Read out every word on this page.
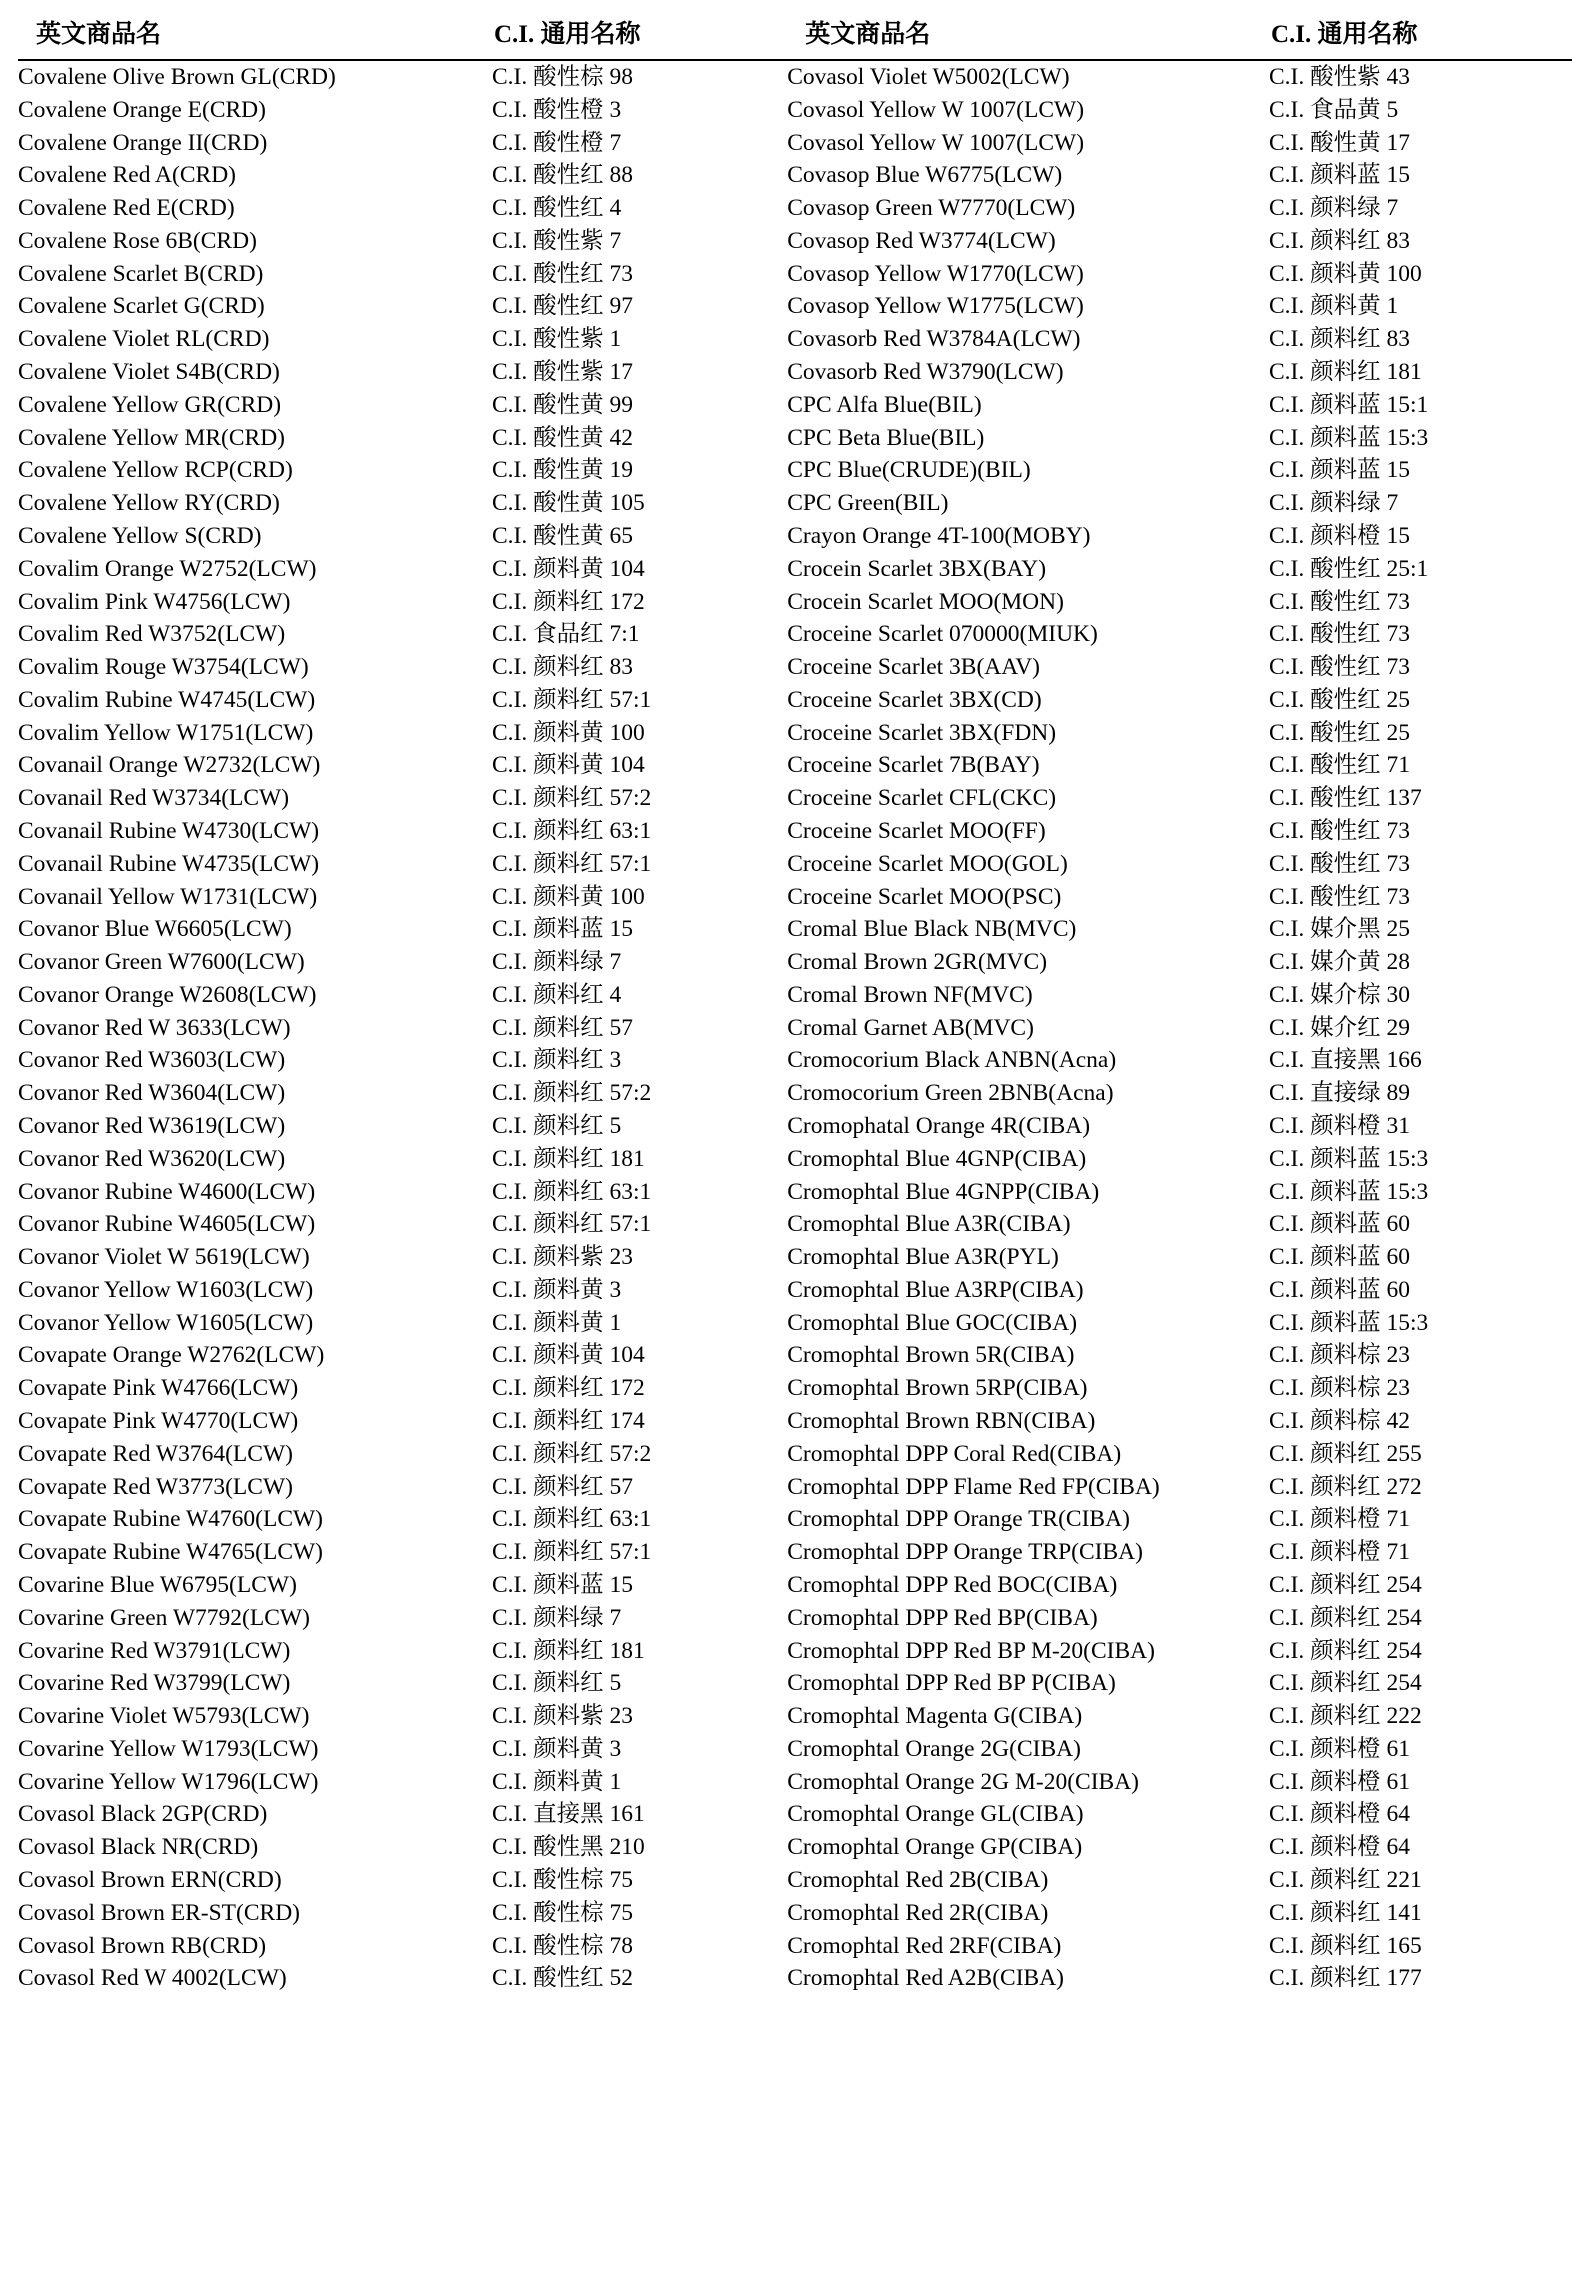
英文商品名	C.I. 通用名称	英文商品名	C.I. 通用名称
Covalene Olive Brown GL(CRD)	C.I. 酸性棕 98	Covasol Violet W5002(LCW)	C.I. 酸性紫 43
Covalene Orange E(CRD)	C.I. 酸性橙 3	Covasol Yellow W 1007(LCW)	C.I. 食品黄 5
Covalene Orange II(CRD)	C.I. 酸性橙 7	Covasol Yellow W 1007(LCW)	C.I. 酸性黄 17
Covalene Red A(CRD)	C.I. 酸性红 88	Covasop Blue W6775(LCW)	C.I. 颜料蓝 15
Covalene Red E(CRD)	C.I. 酸性红 4	Covasop Green W7770(LCW)	C.I. 颜料绿 7
Covalene Rose 6B(CRD)	C.I. 酸性紫 7	Covasop Red W3774(LCW)	C.I. 颜料红 83
Covalene Scarlet B(CRD)	C.I. 酸性红 73	Covasop Yellow W1770(LCW)	C.I. 颜料黄 100
Covalene Scarlet G(CRD)	C.I. 酸性红 97	Covasop Yellow W1775(LCW)	C.I. 颜料黄 1
Covalene Violet RL(CRD)	C.I. 酸性紫 1	Covasorb Red W3784A(LCW)	C.I. 颜料红 83
Covalene Violet S4B(CRD)	C.I. 酸性紫 17	Covasorb Red W3790(LCW)	C.I. 颜料红 181
Covalene Yellow GR(CRD)	C.I. 酸性黄 99	CPC Alfa Blue(BIL)	C.I. 颜料蓝 15:1
Covalene Yellow MR(CRD)	C.I. 酸性黄 42	CPC Beta Blue(BIL)	C.I. 颜料蓝 15:3
Covalene Yellow RCP(CRD)	C.I. 酸性黄 19	CPC Blue(CRUDE)(BIL)	C.I. 颜料蓝 15
Covalene Yellow RY(CRD)	C.I. 酸性黄 105	CPC Green(BIL)	C.I. 颜料绿 7
Covalene Yellow S(CRD)	C.I. 酸性黄 65	Crayon Orange 4T-100(MOBY)	C.I. 颜料橙 15
Covalim Orange W2752(LCW)	C.I. 颜料黄 104	Crocein Scarlet 3BX(BAY)	C.I. 酸性红 25:1
Covalim Pink W4756(LCW)	C.I. 颜料红 172	Crocein Scarlet MOO(MON)	C.I. 酸性红 73
Covalim Red W3752(LCW)	C.I. 食品红 7:1	Croceine Scarlet 070000(MIUK)	C.I. 酸性红 73
Covalim Rouge W3754(LCW)	C.I. 颜料红 83	Croceine Scarlet 3B(AAV)	C.I. 酸性红 73
Covalim Rubine W4745(LCW)	C.I. 颜料红 57:1	Croceine Scarlet 3BX(CD)	C.I. 酸性红 25
Covalim Yellow W1751(LCW)	C.I. 颜料黄 100	Croceine Scarlet 3BX(FDN)	C.I. 酸性红 25
Covanail Orange W2732(LCW)	C.I. 颜料黄 104	Croceine Scarlet 7B(BAY)	C.I. 酸性红 71
Covanail Red W3734(LCW)	C.I. 颜料红 57:2	Croceine Scarlet CFL(CKC)	C.I. 酸性红 137
Covanail Rubine W4730(LCW)	C.I. 颜料红 63:1	Croceine Scarlet MOO(FF)	C.I. 酸性红 73
Covanail Rubine W4735(LCW)	C.I. 颜料红 57:1	Croceine Scarlet MOO(GOL)	C.I. 酸性红 73
Covanail Yellow W1731(LCW)	C.I. 颜料黄 100	Croceine Scarlet MOO(PSC)	C.I. 酸性红 73
Covanor Blue W6605(LCW)	C.I. 颜料蓝 15	Cromal Blue Black NB(MVC)	C.I. 媒介黑 25
Covanor Green W7600(LCW)	C.I. 颜料绿 7	Cromal Brown 2GR(MVC)	C.I. 媒介黄 28
Covanor Orange W2608(LCW)	C.I. 颜料红 4	Cromal Brown NF(MVC)	C.I. 媒介棕 30
Covanor Red W 3633(LCW)	C.I. 颜料红 57	Cromal Garnet AB(MVC)	C.I. 媒介红 29
Covanor Red W3603(LCW)	C.I. 颜料红 3	Cromocorium Black ANBN(Acna)	C.I. 直接黑 166
Covanor Red W3604(LCW)	C.I. 颜料红 57:2	Cromocorium Green 2BNB(Acna)	C.I. 直接绿 89
Covanor Red W3619(LCW)	C.I. 颜料红 5	Cromophatal Orange 4R(CIBA)	C.I. 颜料橙 31
Covanor Red W3620(LCW)	C.I. 颜料红 181	Cromophtal Blue 4GNP(CIBA)	C.I. 颜料蓝 15:3
Covanor Rubine W4600(LCW)	C.I. 颜料红 63:1	Cromophtal Blue 4GNPP(CIBA)	C.I. 颜料蓝 15:3
Covanor Rubine W4605(LCW)	C.I. 颜料红 57:1	Cromophtal Blue A3R(CIBA)	C.I. 颜料蓝 60
Covanor Violet W 5619(LCW)	C.I. 颜料紫 23	Cromophtal Blue A3R(PYL)	C.I. 颜料蓝 60
Covanor Yellow W1603(LCW)	C.I. 颜料黄 3	Cromophtal Blue A3RP(CIBA)	C.I. 颜料蓝 60
Covanor Yellow W1605(LCW)	C.I. 颜料黄 1	Cromophtal Blue GOC(CIBA)	C.I. 颜料蓝 15:3
Covapate Orange W2762(LCW)	C.I. 颜料黄 104	Cromophtal Brown 5R(CIBA)	C.I. 颜料棕 23
Covapate Pink W4766(LCW)	C.I. 颜料红 172	Cromophtal Brown 5RP(CIBA)	C.I. 颜料棕 23
Covapate Pink W4770(LCW)	C.I. 颜料红 174	Cromophtal Brown RBN(CIBA)	C.I. 颜料棕 42
Covapate Red W3764(LCW)	C.I. 颜料红 57:2	Cromophtal DPP Coral Red(CIBA)	C.I. 颜料红 255
Covapate Red W3773(LCW)	C.I. 颜料红 57	Cromophtal DPP Flame Red FP(CIBA)	C.I. 颜料红 272
Covapate Rubine W4760(LCW)	C.I. 颜料红 63:1	Cromophtal DPP Orange TR(CIBA)	C.I. 颜料橙 71
Covapate Rubine W4765(LCW)	C.I. 颜料红 57:1	Cromophtal DPP Orange TRP(CIBA)	C.I. 颜料橙 71
Covarine Blue W6795(LCW)	C.I. 颜料蓝 15	Cromophtal DPP Red BOC(CIBA)	C.I. 颜料红 254
Covarine Green W7792(LCW)	C.I. 颜料绿 7	Cromophtal DPP Red BP(CIBA)	C.I. 颜料红 254
Covarine Red W3791(LCW)	C.I. 颜料红 181	Cromophtal DPP Red BP M-20(CIBA)	C.I. 颜料红 254
Covarine Red W3799(LCW)	C.I. 颜料红 5	Cromophtal DPP Red BP P(CIBA)	C.I. 颜料红 254
Covarine Violet W5793(LCW)	C.I. 颜料紫 23	Cromophtal Magenta G(CIBA)	C.I. 颜料红 222
Covarine Yellow W1793(LCW)	C.I. 颜料黄 3	Cromophtal Orange 2G(CIBA)	C.I. 颜料橙 61
Covarine Yellow W1796(LCW)	C.I. 颜料黄 1	Cromophtal Orange 2G M-20(CIBA)	C.I. 颜料橙 61
Covasol Black 2GP(CRD)	C.I. 直接黑 161	Cromophtal Orange GL(CIBA)	C.I. 颜料橙 64
Covasol Black NR(CRD)	C.I. 酸性黑 210	Cromophtal Orange GP(CIBA)	C.I. 颜料橙 64
Covasol Brown ERN(CRD)	C.I. 酸性棕 75	Cromophtal Red 2B(CIBA)	C.I. 颜料红 221
Covasol Brown ER-ST(CRD)	C.I. 酸性棕 75	Cromophtal Red 2R(CIBA)	C.I. 颜料红 141
Covasol Brown RB(CRD)	C.I. 酸性棕 78	Cromophtal Red 2RF(CIBA)	C.I. 颜料红 165
Covasol Red W 4002(LCW)	C.I. 酸性红 52	Cromophtal Red A2B(CIBA)	C.I. 颜料红 177
